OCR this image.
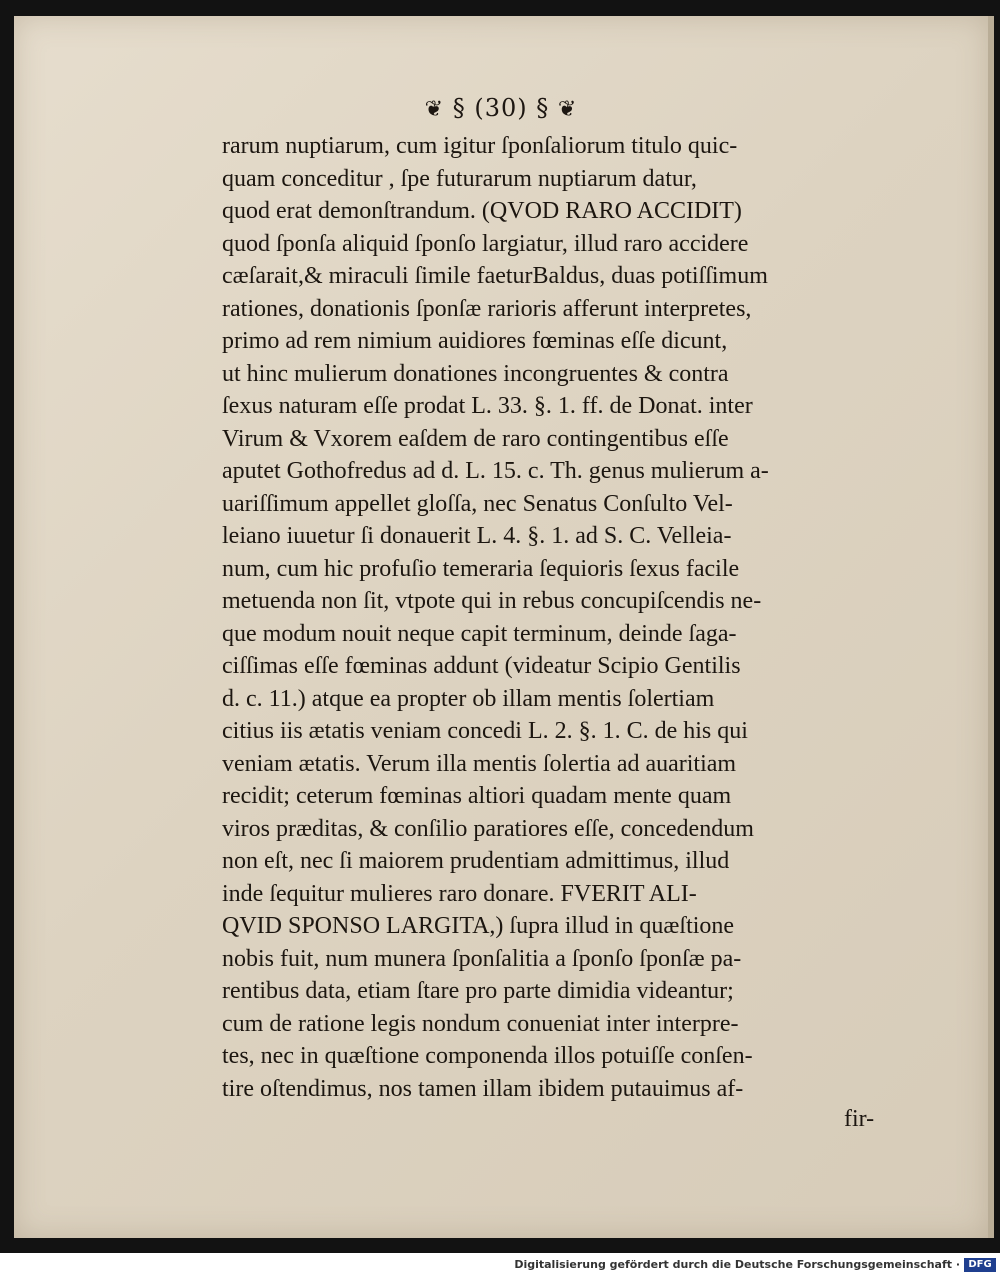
❦ § (30) § ❦
rarum nuptiarum, cum igitur ſponſaliorum titulo quic-
quam conceditur , ſpe futurarum nuptiarum datur,
quod erat demonſtrandum. (QVOD RARO ACCIDIT)
quod ſponſa aliquid ſponſo largiatur, illud raro accidere
cæſarait,& miraculi ſimile faeturBaldus, duas potiſſimum
rationes, donationis ſponſæ rarioris afferunt interpretes,
primo ad rem nimium auidiores fœminas eſſe dicunt,
ut hinc mulierum donationes incongruentes & contra
ſexus naturam eſſe prodat L. 33. §. 1. ff. de Donat. inter
Virum & Vxorem eaſdem de raro contingentibus eſſe
aputet Gothofredus ad d. L. 15. c. Th. genus mulierum a-
uariſſimum appellet gloſſa, nec Senatus Conſulto Vel-
leiano iuuetur ſi donauerit L. 4. §. 1. ad S. C. Velleia-
num, cum hic profuſio temeraria ſequioris ſexus facile
metuenda non ſit, vtpote qui in rebus concupiſcendis ne-
que modum nouit neque capit terminum, deinde ſaga-
ciſſimas eſſe fœminas addunt (videatur Scipio Gentilis
d. c. 11.) atque ea propter ob illam mentis ſolertiam
citius iis ætatis veniam concedi L. 2. §. 1. C. de his qui
veniam ætatis. Verum illa mentis ſolertia ad auaritiam
recidit; ceterum fœminas altiori quadam mente quam
viros præditas, & conſilio paratiores eſſe, concedendum
non eſt, nec ſi maiorem prudentiam admittimus, illud
inde ſequitur mulieres raro donare. FVERIT ALI-
QVID SPONSO LARGITA,) ſupra illud in quæſtione
nobis fuit, num munera ſponſalitia a ſponſo ſponſæ pa-
rentibus data, etiam ſtare pro parte dimidia videantur;
cum de ratione legis nondum conueniat inter interpre-
tes, nec in quæſtione componenda illos potuiſſe conſen-
tire oſtendimus, nos tamen illam ibidem putauimus af-
fir-
Digitalisierung gefördert durch die Deutsche Forschungsgemeinschaft · DFG
